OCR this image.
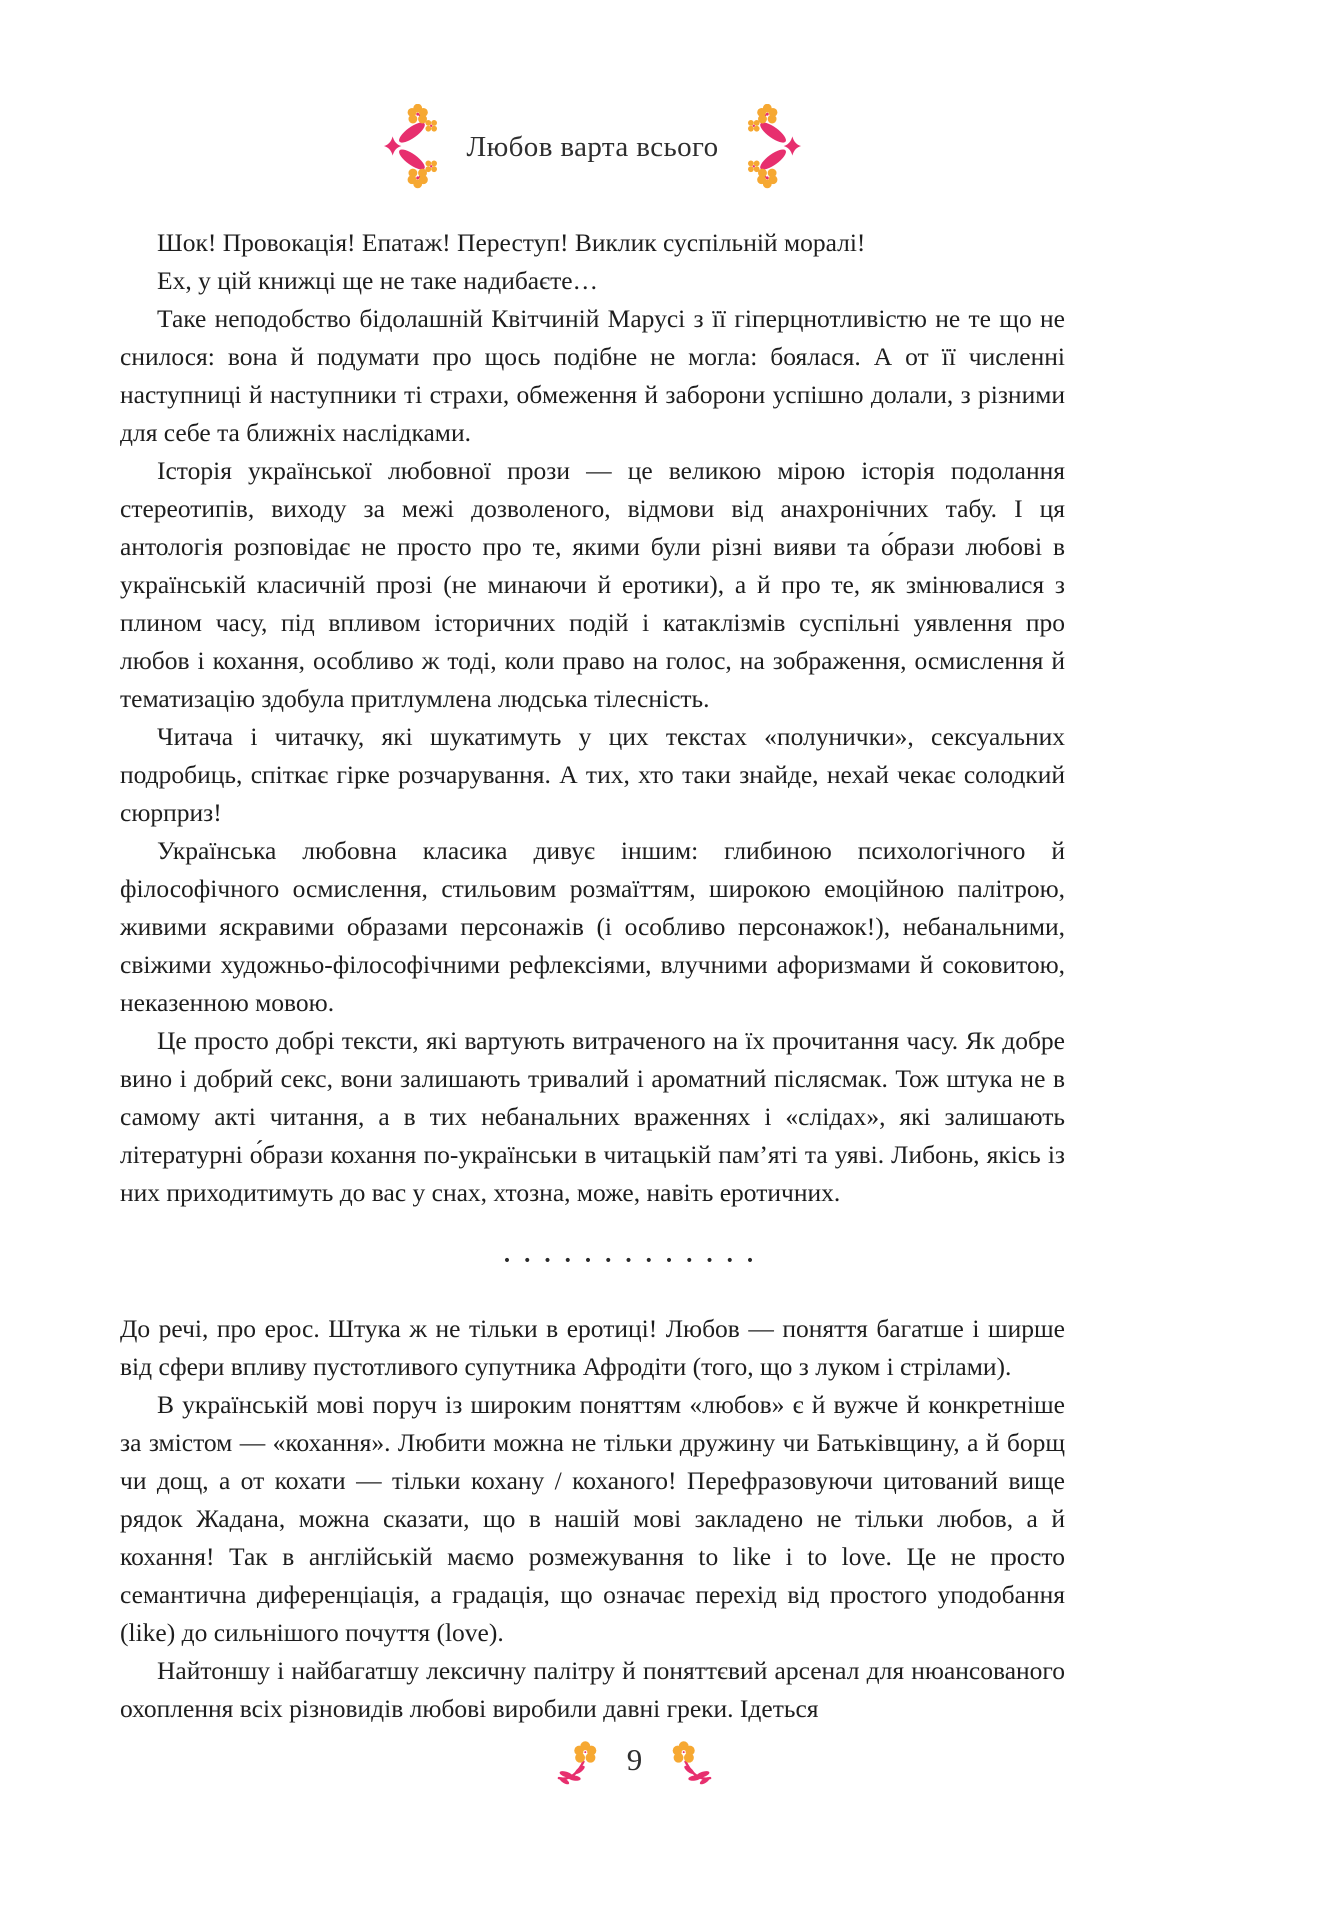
Любов варта всього

Шок! Провокація! Епатаж! Переступ! Виклик суспільній моралі!

Ех, у цій книжці ще не таке надибаєте…

Таке неподобство бідолашній Квітчиній Марусі з її гіперцнотливістю не те що не снилося: вона й подумати про щось подібне не могла: боялася. А от її численні наступниці й наступники ті страхи, обмеження й заборони успішно долали, з різними для себе та ближніх наслідками.

Історія української любовної прози — це великою мірою історія подолання стереотипів, виходу за межі дозволеного, відмови від анахронічних табу. І ця антологія розповідає не просто про те, якими були різні вияви та о́брази любові в українській класичній прозі (не минаючи й еротики), а й про те, як змінювалися з плином часу, під впливом історичних подій і катаклізмів суспільні уявлення про любов і кохання, особливо ж тоді, коли право на голос, на зображення, осмислення й тематизацію здобула притлумлена людська тілесність.

Читача і читачку, які шукатимуть у цих текстах «полунички», сексуальних подробиць, спіткає гірке розчарування. А тих, хто таки знайде, нехай чекає солодкий сюрприз!

Українська любовна класика дивує іншим: глибиною психологічного й філософічного осмислення, стильовим розмаїттям, широкою емоційною палітрою, живими яскравими образами персонажів (і особливо персонажок!), небанальними, свіжими художньо-філософічними рефлексіями, влучними афоризмами й соковитою, неказенною мовою.

Це просто добрі тексти, які вартують витраченого на їх прочитання часу. Як добре вино і добрий секс, вони залишають тривалий і ароматний післясмак. Тож штука не в самому акті читання, а в тих небанальних враженнях і «слідах», які залишають літературні о́брази кохання по-українськи в читацькій пам’яті та уяві. Либонь, якісь із них приходитимуть до вас у снах, хтозна, може, навіть еротичних.

•••••••••••••

До речі, про ерос. Штука ж не тільки в еротиці! Любов — поняття багатше і ширше від сфери впливу пустотливого супутника Афродіти (того, що з луком і стрілами).

В українській мові поруч із широким поняттям «любов» є й вужче й конкретніше за змістом — «кохання». Любити можна не тільки дружину чи Батьківщину, а й борщ чи дощ, а от кохати — тільки кохану / коханого! Перефразовуючи цитований вище рядок Жадана, можна сказати, що в нашій мові закладено не тільки любов, а й кохання! Так в англійській маємо розмежування to like і to love. Це не просто семантична диференціація, а градація, що означає перехід від простого уподобання (like) до сильнішого почуття (love).

Найтоншу і найбагатшу лексичну палітру й поняттєвий арсенал для нюансованого охоплення всіх різновидів любові виробили давні греки. Ідеться

9
